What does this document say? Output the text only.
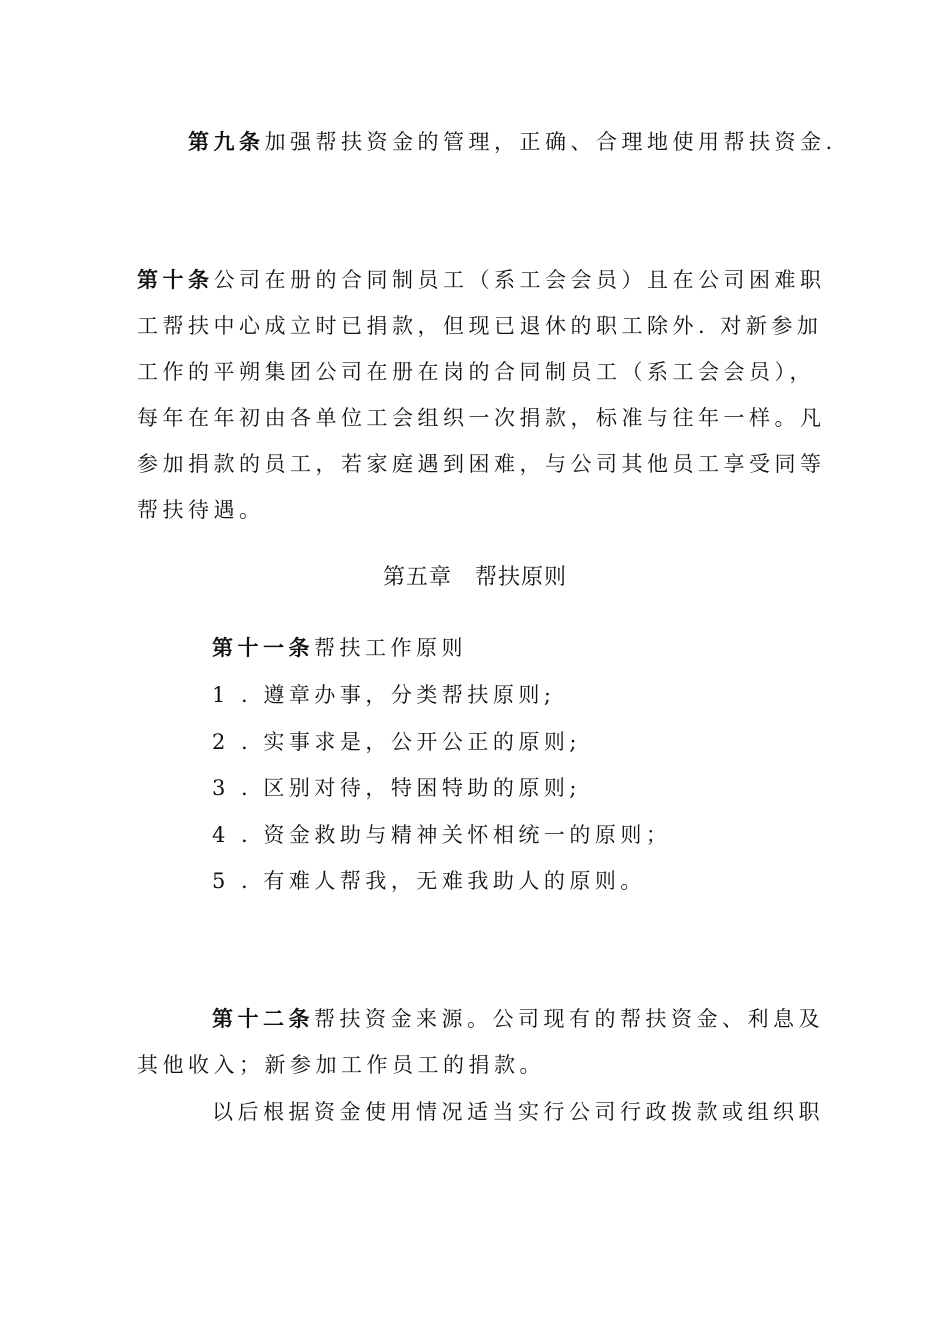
第九条加强帮扶资金的管理，正确、合理地使用帮扶资金.
第十条公司在册的合同制员工（系工会会员）且在公司困难职
工帮扶中心成立时已捐款，但现已退休的职工除外. 对新参加
工作的平朔集团公司在册在岗的合同制员工（系工会会员），
每年在年初由各单位工会组织一次捐款，标准与往年一样。凡
参加捐款的员工，若家庭遇到困难，与公司其他员工享受同等
帮扶待遇。
第五章　帮扶原则
第十一条帮扶工作原则
1 . 遵章办事，分类帮扶原则;
2 . 实事求是，公开公正的原则;
3 . 区别对待，特困特助的原则;
4 . 资金救助与精神关怀相统一的原则；
5 . 有难人帮我，无难我助人的原则。
第十二条帮扶资金来源。公司现有的帮扶资金、利息及
其他收入；新参加工作员工的捐款。
以后根据资金使用情况适当实行公司行政拨款或组织职
